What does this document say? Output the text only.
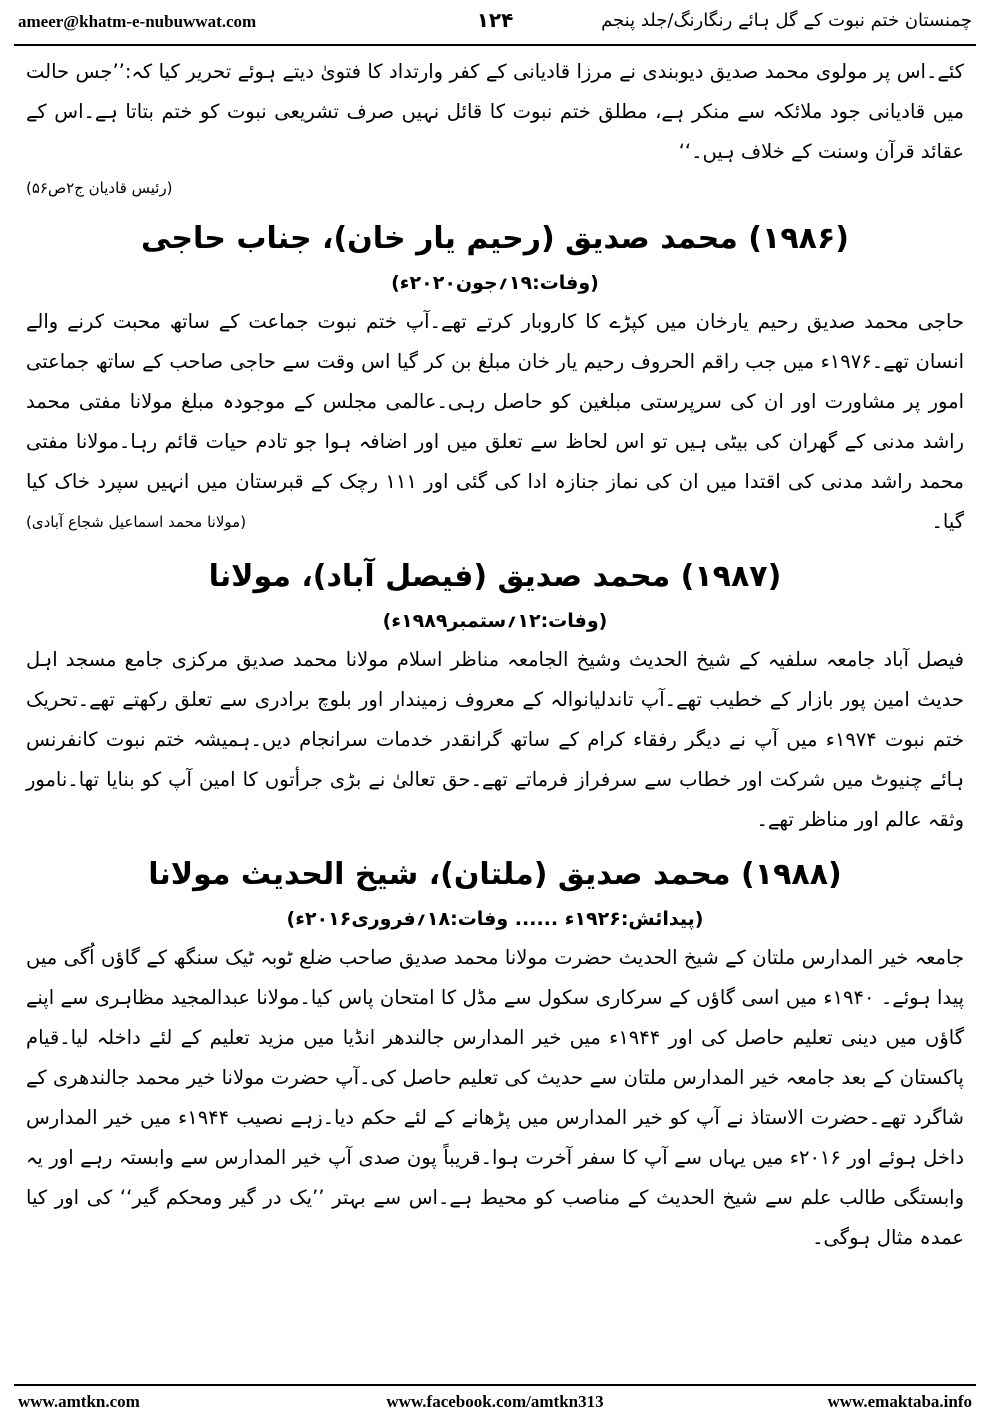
ameer@khatm-e-nubuwwat.com	۱۲۴	چمنستان ختم نبوت کے گل ہائے رنگارنگ/جلد پنجم

کئے۔اس پر مولوی محمد صدیق دیوبندی نے مرزا قادیانی کے کفر وارتداد کا فتویٰ دیتے ہوئے تحریر کیا کہ:’’جس حالت میں قادیانی جود ملائکہ سے منکر ہے، مطلق ختم نبوت کا قائل نہیں صرف تشریعی نبوت کو ختم بتاتا ہے۔اس کے عقائد قرآن وسنت کے خلاف ہیں۔‘‘

(رئیس قادیان ج۲ص۵۶)

(۱۹۸۶) محمد صدیق (رحیم یار خان)، جناب حاجی

(وفات:۱۹؍جون۲۰۲۰ء)

حاجی محمد صدیق رحیم یارخان میں کپڑے کا کاروبار کرتے تھے۔آپ ختم نبوت جماعت کے ساتھ محبت کرنے والے انسان تھے۔۱۹۷۶ء میں جب راقم الحروف رحیم یار خان مبلغ بن کر گیا اس وقت سے حاجی صاحب کے ساتھ جماعتی امور پر مشاورت اور ان کی سرپرستی مبلغین کو حاصل رہی۔عالمی مجلس کے موجودہ مبلغ مولانا مفتی محمد راشد مدنی کے گھران کی بیٹی ہیں تو اس لحاظ سے تعلق میں اور اضافہ ہوا جو تادم حیات قائم رہا۔مولانا مفتی محمد راشد مدنی کی اقتدا میں ان کی نماز جنازہ ادا کی گئی اور ۱۱۱ رچک کے قبرستان میں انہیں سپرد خاک کیا گیا۔

(مولانا محمد اسماعیل شجاع آبادی)

(۱۹۸۷) محمد صدیق (فیصل آباد)، مولانا

(وفات:۱۲؍ستمبر۱۹۸۹ء)

فیصل آباد جامعہ سلفیہ کے شیخ الحدیث وشیخ الجامعہ مناظر اسلام مولانا محمد صدیق مرکزی جامع مسجد اہل حدیث امین پور بازار کے خطیب تھے۔آپ تاندلیانوالہ کے معروف زمیندار اور بلوچ برادری سے تعلق رکھتے تھے۔تحریک ختم نبوت ۱۹۷۴ء میں آپ نے دیگر رفقاء کرام کے ساتھ گرانقدر خدمات سرانجام دیں۔ہمیشہ ختم نبوت کانفرنس ہائے چنیوٹ میں شرکت اور خطاب سے سرفراز فرماتے تھے۔حق تعالیٰ نے بڑی جرأتوں کا امین آپ کو بنایا تھا۔نامور وثقہ عالم اور مناظر تھے۔

(۱۹۸۸) محمد صدیق (ملتان)، شیخ الحدیث مولانا

(پیدائش:۱۹۲۶ء ...... وفات:۱۸؍فروری۲۰۱۶ء)

جامعہ خیر المدارس ملتان کے شیخ الحدیث حضرت مولانا محمد صدیق صاحب ضلع ٹوبہ ٹیک سنگھ کے گاؤں اُگی میں پیدا ہوئے۔ ۱۹۴۰ء میں اسی گاؤں کے سرکاری سکول سے مڈل کا امتحان پاس کیا۔مولانا عبدالمجید مظاہری سے اپنے گاؤں میں دینی تعلیم حاصل کی اور ۱۹۴۴ء میں خیر المدارس جالندھر انڈیا میں مزید تعلیم کے لئے داخلہ لیا۔قیام پاکستان کے بعد جامعہ خیر المدارس ملتان سے حدیث کی تعلیم حاصل کی۔آپ حضرت مولانا خیر محمد جالندھری کے شاگرد تھے۔حضرت الاستاذ نے آپ کو خیر المدارس میں پڑھانے کے لئے حکم دیا۔زہے نصیب ۱۹۴۴ء میں خیر المدارس داخل ہوئے اور ۲۰۱۶ء میں یہاں سے آپ کا سفر آخرت ہوا۔قریباً پون صدی آپ خیر المدارس سے وابستہ رہے اور یہ وابستگی طالب علم سے شیخ الحدیث کے مناصب کو محیط ہے۔اس سے بہتر ’’یک در گیر ومحکم گیر‘‘ کی اور کیا عمدہ مثال ہوگی۔

www.amtkn.com	www.facebook.com/amtkn313	www.emaktaba.info
